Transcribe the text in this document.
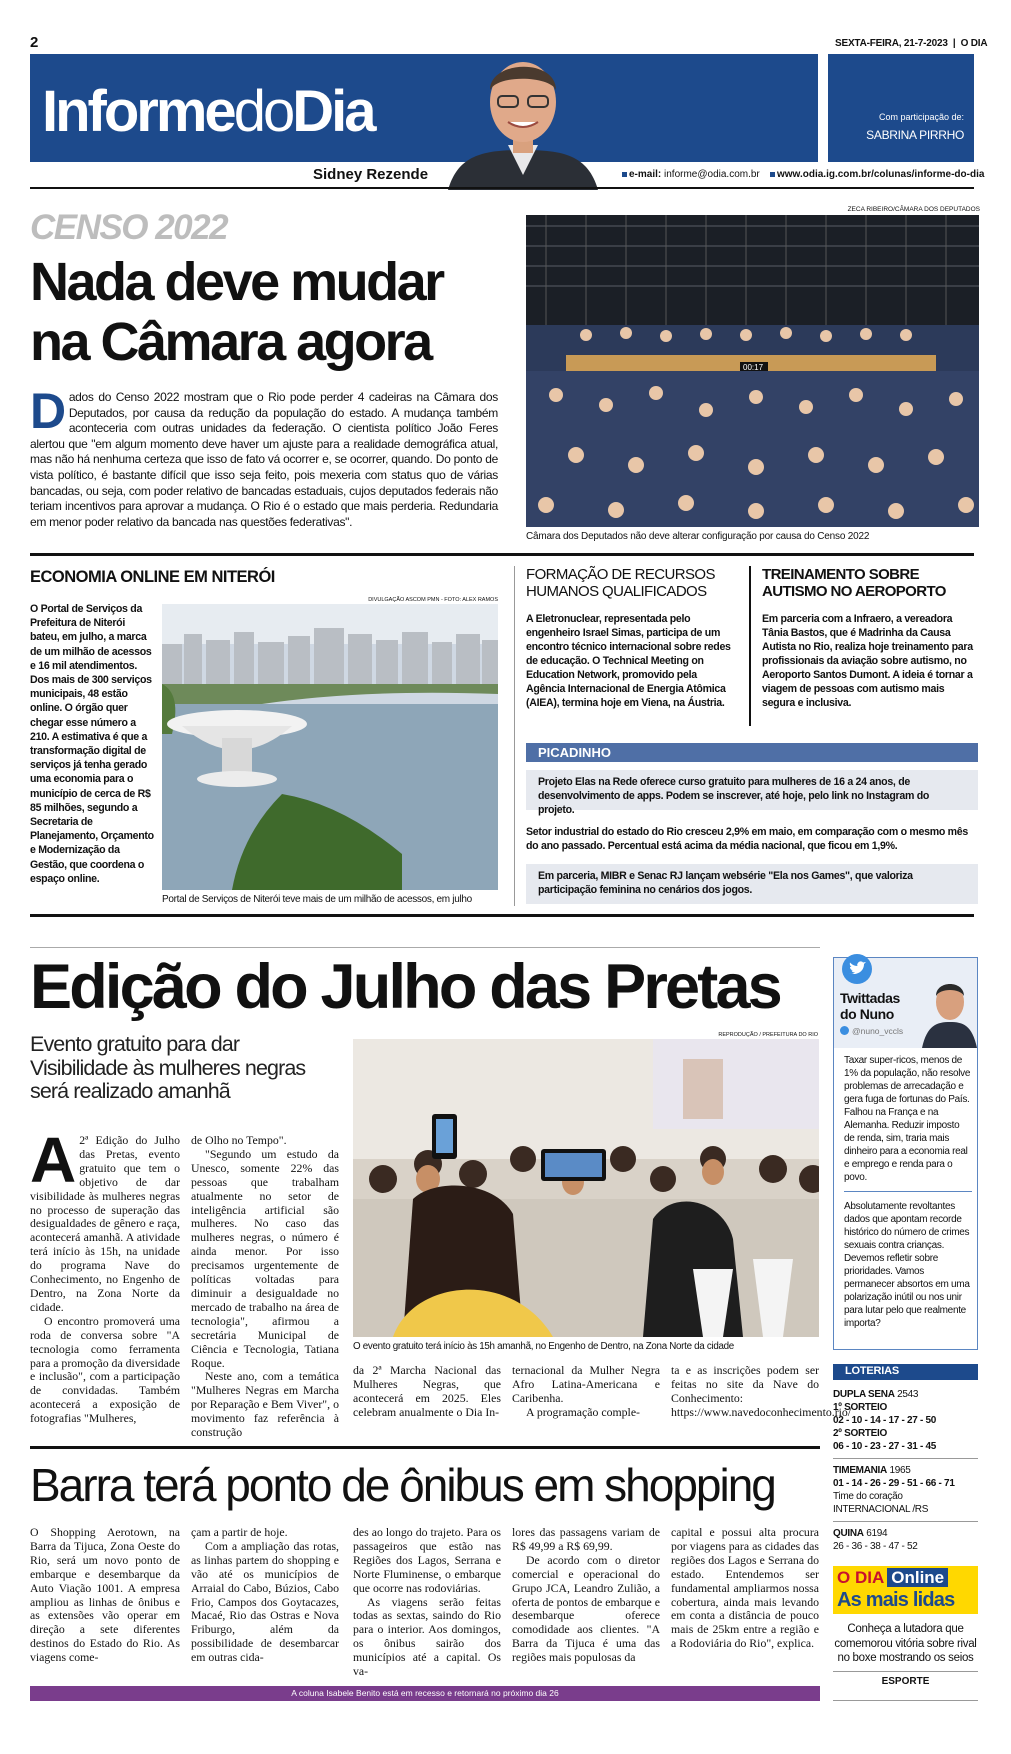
2	SEXTA-FEIRA, 21-7-2023  |  O DIA
InformedoDia	Com participação de:
SABRINA PIRRHO
Sidney Rezende	e-mail: informe@odia.com.br	www.odia.ig.com.br/colunas/informe-do-dia
CENSO 2022
Nada deve mudar
na Câmara agora
Dados do Censo 2022 mostram que o Rio pode perder 4 cadeiras na Câmara dos Deputados, por causa da redução da população do estado. A mudança também aconteceria com outras unidades da federação. O cientista político João Feres alertou que "em algum momento deve haver um ajuste para a realidade demográfica atual, mas não há nenhuma certeza que isso de fato vá ocorrer e, se ocorrer, quando. Do ponto de vista político, é bastante difícil que isso seja feito, pois mexeria com status quo de várias bancadas, ou seja, com poder relativo de bancadas estaduais, cujos deputados federais não teriam incentivos para aprovar a mudança. O Rio é o estado que mais perderia. Redundaria em menor poder relativo da bancada nas questões federativas".
ZECA RIBEIRO/CÂMARA DOS DEPUTADOS
00:17
Câmara dos Deputados não deve alterar configuração por causa do Censo 2022
ECONOMIA ONLINE EM NITERÓI
DIVULGAÇÃO ASCOM PMN - FOTO: ALEX RAMOS
O Portal de Serviços da Prefeitura de Niterói bateu, em julho, a marca de um milhão de acessos e 16 mil atendimentos. Dos mais de 300 serviços municipais, 48 estão online. O órgão quer chegar esse número a 210. A estimativa é que a transformação digital de serviços já tenha gerado uma economia para o município de cerca de R$ 85 milhões, segundo a Secretaria de Planejamento, Orçamento e Modernização da Gestão, que coordena o espaço online.
Portal de Serviços de Niterói teve mais de um milhão de acessos, em julho
FORMAÇÃO DE RECURSOS
HUMANOS QUALIFICADOS
A Eletronuclear, representada pelo engenheiro Israel Simas, participa de um encontro técnico internacional sobre redes de educação. O Technical Meeting on Education Network, promovido pela Agência Internacional de Energia Atômica (AIEA), termina hoje em Viena, na Áustria.
TREINAMENTO SOBRE
AUTISMO NO AEROPORTO
Em parceria com a Infraero, a vereadora Tânia Bastos, que é Madrinha da Causa Autista no Rio, realiza hoje treinamento para profissionais da aviação sobre autismo, no Aeroporto Santos Dumont. A ideia é tornar a viagem de pessoas com autismo mais segura e inclusiva.
PICADINHO
Projeto Elas na Rede oferece curso gratuito para mulheres de 16 a 24 anos, de desenvolvimento de apps. Podem se inscrever, até hoje, pelo link no Instagram do projeto.
Setor industrial do estado do Rio cresceu 2,9% em maio, em comparação com o mesmo mês do ano passado. Percentual está acima da média nacional, que ficou em 1,9%.
Em parceria, MIBR e Senac RJ lançam websérie "Ela nos Games", que valoriza participação feminina no cenários dos jogos.
Edição do Julho das Pretas
Evento gratuito para dar
Visibilidade às mulheres negras
será realizado amanhã
REPRODUÇÃO / PREFEITURA DO RIO
O evento gratuito terá início às 15h amanhã, no Engenho de Dentro, na Zona Norte da cidade
A 2ª Edição do Julho das Pretas, evento gratuito que tem o objetivo de dar visibilidade às mulheres negras no processo de superação das desigualdades de gênero e raça, acontecerá amanhã. A atividade terá início às 15h, na unidade do programa Nave do Conhecimento, no Engenho de Dentro, na Zona Norte da cidade.

O encontro promoverá uma roda de conversa sobre "A tecnologia como ferramenta para a promoção da diversidade e inclusão", com a participação de convidadas. Também acontecerá a exposição de fotografias "Mulheres,

de Olho no Tempo".

"Segundo um estudo da Unesco, somente 22% das pessoas que trabalham atualmente no setor de inteligência artificial são mulheres. No caso das mulheres negras, o número é ainda menor. Por isso precisamos urgentemente de políticas voltadas para diminuir a desigualdade no mercado de trabalho na área de tecnologia", afirmou a secretária Municipal de Ciência e Tecnologia, Tatiana Roque.

Neste ano, com a temática "Mulheres Negras em Marcha por Reparação e Bem Viver", o movimento faz referência à construção

da 2ª Marcha Nacional das Mulheres Negras, que acontecerá em 2025. Eles celebram anualmente o Dia In-

ternacional da Mulher Negra Afro Latina-Americana e Caribenha.

A programação comple-

ta e as inscrições podem ser feitas no site da Nave do Conhecimento: https://www.navedoconhecimento.rio/
Twittadas
do Nuno
@nuno_vccls

Taxar super-ricos, menos de 1% da população, não resolve problemas de arrecadação e gera fuga de fortunas do País. Falhou na França e na Alemanha. Reduzir imposto de renda, sim, traria mais dinheiro para a economia real e emprego e renda para o povo.

Absolutamente revoltantes dados que apontam recorde histórico do número de crimes sexuais contra crianças. Devemos refletir sobre prioridades. Vamos permanecer absortos em uma polarização inútil ou nos unir para lutar pelo que realmente importa?

LOTERIAS
DUPLA SENA 2543
1º SORTEIO
02 - 10 - 14 - 17 - 27 - 50
2º SORTEIO
06 - 10 - 23 - 27 - 31 - 45
TIMEMANIA 1965
01 - 14 - 26 - 29 - 51 - 66 - 71
Time do coração
INTERNACIONAL /RS
QUINA 6194
26 - 36 - 38 - 47 - 52
Barra terá ponto de ônibus em shopping
O Shopping Aerotown, na Barra da Tijuca, Zona Oeste do Rio, será um novo ponto de embarque e desembarque da Auto Viação 1001. A empresa ampliou as linhas de ônibus e as extensões vão operar em direção a sete diferentes destinos do Estado do Rio. As viagens come-

çam a partir de hoje.

Com a ampliação das rotas, as linhas partem do shopping e vão até os municípios de Arraial do Cabo, Búzios, Cabo Frio, Campos dos Goytacazes, Macaé, Rio das Ostras e Nova Friburgo, além da possibilidade de desembarcar em outras cida-

des ao longo do trajeto. Para os passageiros que estão nas Regiões dos Lagos, Serrana e Norte Fluminense, o embarque que ocorre nas rodoviárias.

As viagens serão feitas todas as sextas, saindo do Rio para o interior. Aos domingos, os ônibus sairão dos municípios até a capital. Os va-

lores das passagens variam de R$ 49,99 a R$ 69,99.

De acordo com o diretor comercial e operacional do Grupo JCA, Leandro Zulião, a oferta de pontos de embarque e desembarque oferece comodidade aos clientes. "A Barra da Tijuca é uma das regiões mais populosas da

capital e possui alta procura por viagens para as cidades das regiões dos Lagos e Serrana do estado. Entendemos ser fundamental ampliarmos nossa cobertura, ainda mais levando em conta a distância de pouco mais de 25km entre a região e a Rodoviária do Rio", explica.
O DIA Online
As mais lidas
Conheça a lutadora que comemorou vitória sobre rival no boxe mostrando os seios
ESPORTE
A coluna Isabele Benito está em recesso e retornará no próximo dia 26
